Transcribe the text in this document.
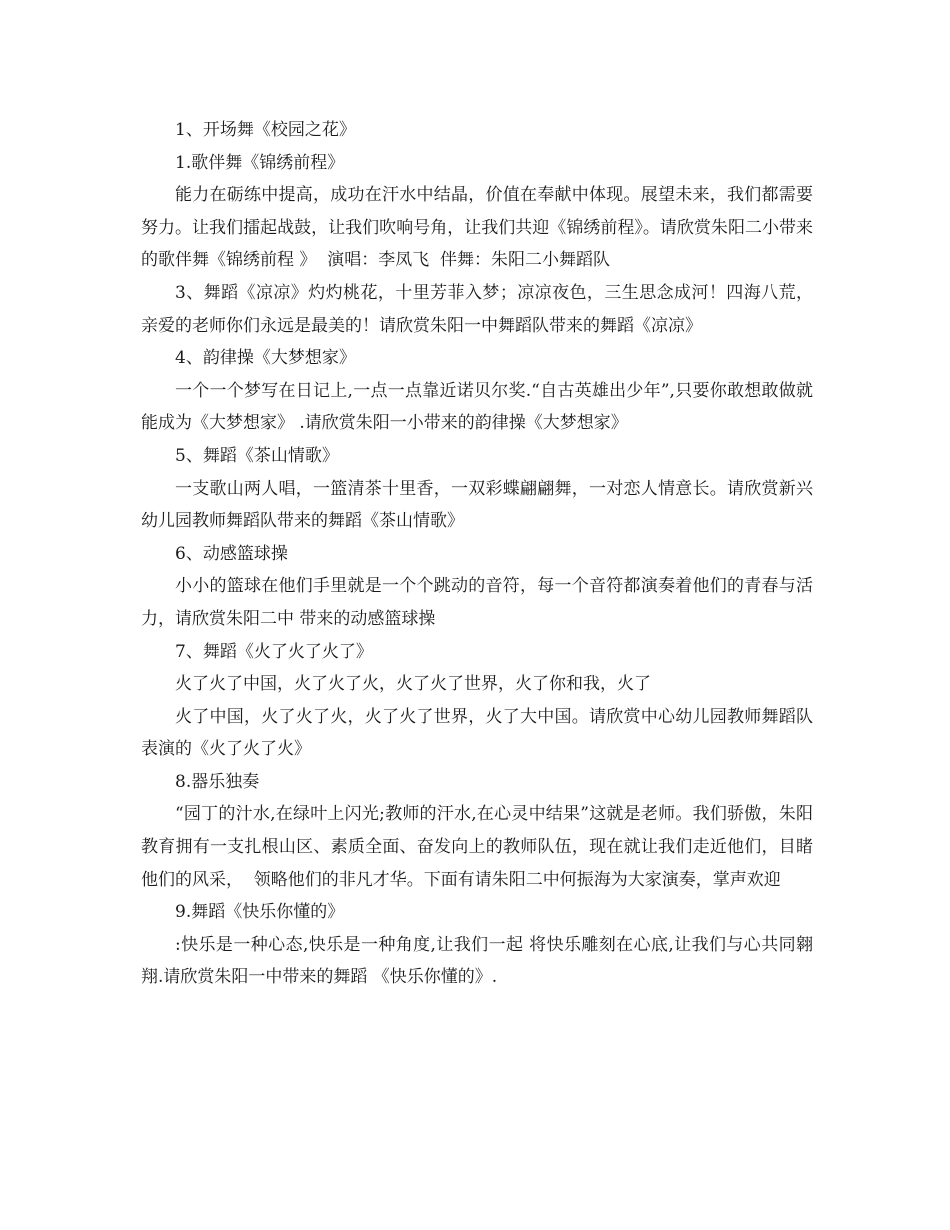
1、开场舞《校园之花》

1.歌伴舞《锦绣前程》

能力在砺练中提高，成功在汗水中结晶，价值在奉献中体现。展望未来，我们都需要努力。让我们擂起战鼓，让我们吹响号角，让我们共迎《锦绣前程》。请欣赏朱阳二小带来的歌伴舞《锦绣前程 》  演唱：李凤飞  伴舞：朱阳二小舞蹈队

3、舞蹈《凉凉》灼灼桃花，十里芳菲入梦；凉凉夜色，三生思念成河！四海八荒，亲爱的老师你们永远是最美的！请欣赏朱阳一中舞蹈队带来的舞蹈《凉凉》

4、韵律操《大梦想家》

一个一个梦写在日记上,一点一点靠近诺贝尔奖.“自古英雄出少年”,只要你敢想敢做就能成为《大梦想家》 .请欣赏朱阳一小带来的韵律操《大梦想家》

5、舞蹈《茶山情歌》

一支歌山两人唱，一篮清茶十里香，一双彩蝶翩翩舞，一对恋人情意长。请欣赏新兴幼儿园教师舞蹈队带来的舞蹈《茶山情歌》

6、动感篮球操

小小的篮球在他们手里就是一个个跳动的音符，每一个音符都演奏着他们的青春与活力，请欣赏朱阳二中 带来的动感篮球操

7、舞蹈《火了火了火了》

火了火了中国，火了火了火，火了火了世界，火了你和我，火了

火了中国，火了火了火，火了火了世界，火了大中国。请欣赏中心幼儿园教师舞蹈队表演的《火了火了火》

8.器乐独奏

“园丁的汁水,在绿叶上闪光;教师的汗水,在心灵中结果”这就是老师。我们骄傲，朱阳教育拥有一支扎根山区、素质全面、奋发向上的教师队伍，现在就让我们走近他们，目睹他们的风采，  领略他们的非凡才华。下面有请朱阳二中何振海为大家演奏，掌声欢迎

9.舞蹈《快乐你懂的》

:快乐是一种心态,快乐是一种角度,让我们一起 将快乐雕刻在心底,让我们与心共同翱翔.请欣赏朱阳一中带来的舞蹈 《快乐你懂的》.
